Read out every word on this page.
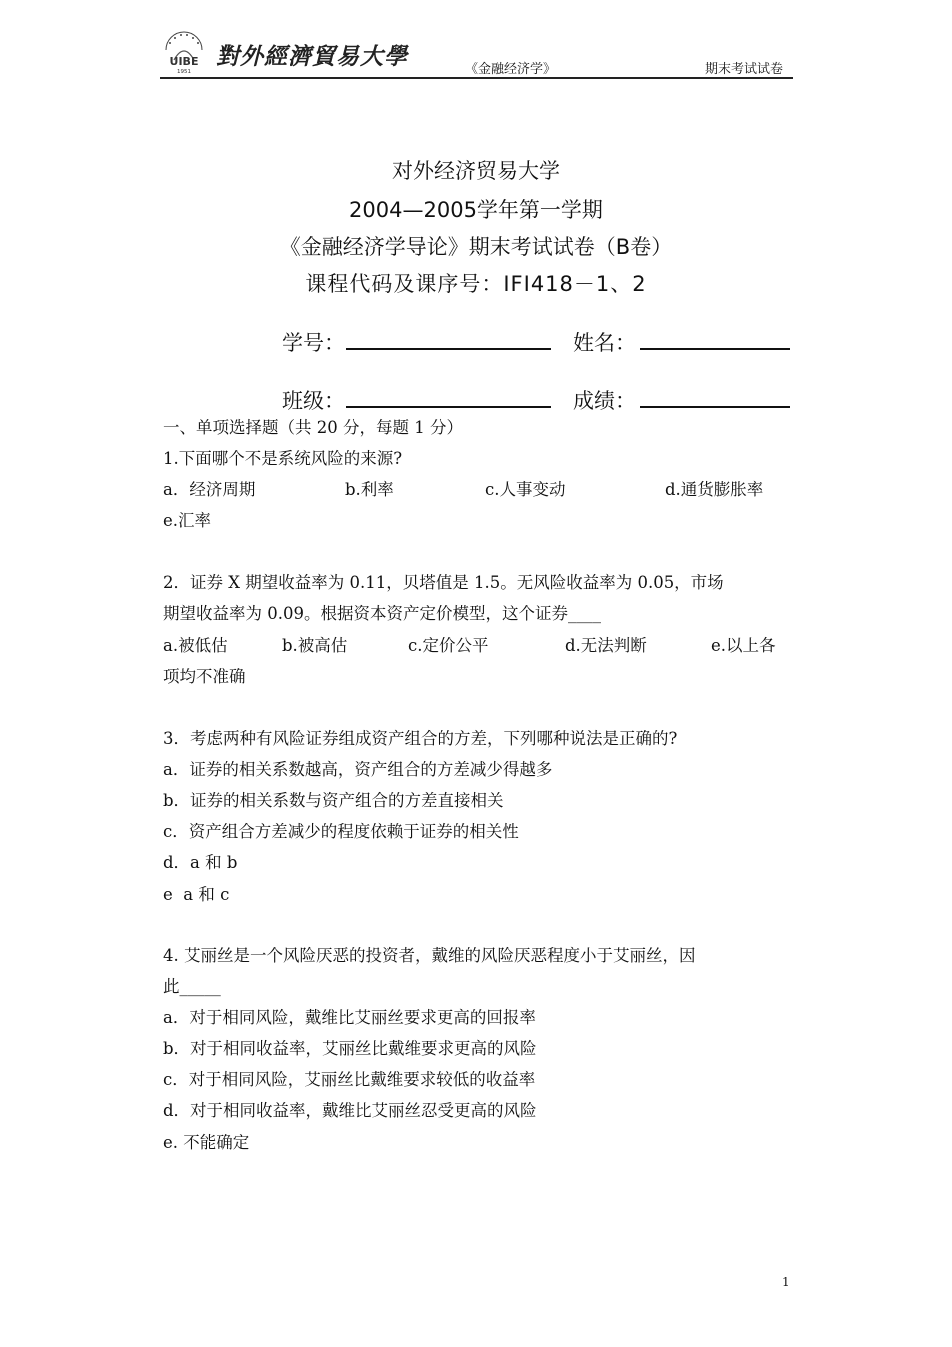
UIBE
1951
對外經濟貿易大學	《金融经济学》	期末考试试卷
对外经济贸易大学
2004—2005学年第一学期
《金融经济学导论》期末考试试卷（B卷）
课程代码及课序号：IFI418－1、2
学号：	姓名：
班级：	成绩：
一、单项选择题（共 20 分，每题 1 分）
1.下面哪个不是系统风险的来源?
a．经济周期	b.利率	c.人事变动	d.通货膨胀率
e.汇率
2．证券 X 期望收益率为 0.11，贝塔值是 1.5。无风险收益率为 0.05，市场
期望收益率为 0.09。根据资本资产定价模型，这个证券____
a.被低估	b.被高估	c.定价公平	d.无法判断	e.以上各
项均不准确
3．考虑两种有风险证券组成资产组合的方差，下列哪种说法是正确的?
a．证券的相关系数越高，资产组合的方差减少得越多
b．证券的相关系数与资产组合的方差直接相关
c．资产组合方差减少的程度依赖于证券的相关性
d．a 和 b
e  a 和 c
4. 艾丽丝是一个风险厌恶的投资者，戴维的风险厌恶程度小于艾丽丝，因
此_____
a．对于相同风险，戴维比艾丽丝要求更高的回报率
b．对于相同收益率，艾丽丝比戴维要求更高的风险
c．对于相同风险，艾丽丝比戴维要求较低的收益率
d．对于相同收益率，戴维比艾丽丝忍受更高的风险
e. 不能确定
1
